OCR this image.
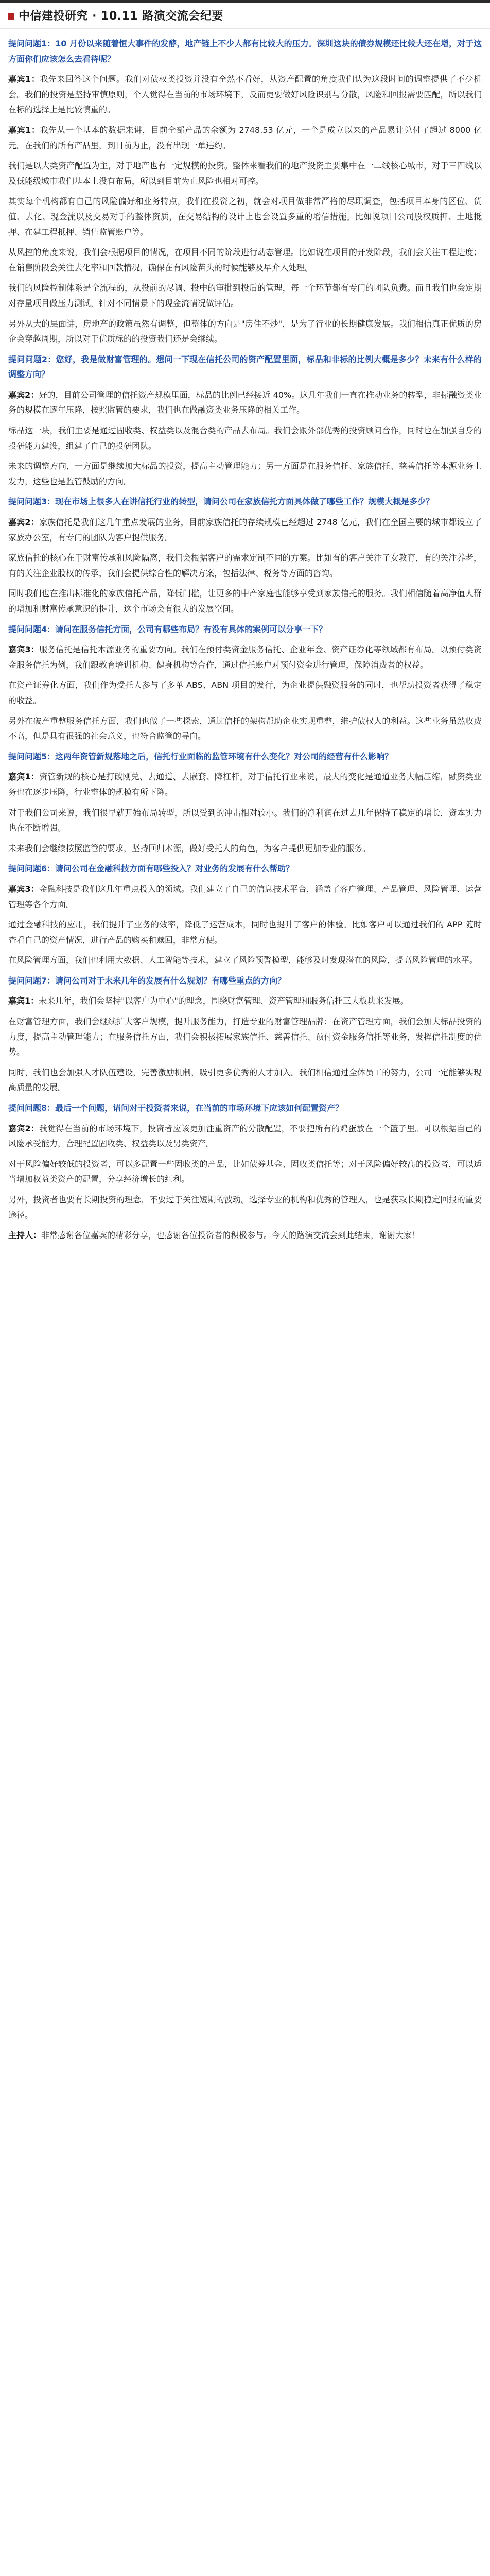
中信建投研究 · 10.11 路演交流会纪要

提问问题1：10 月份以来随着恒大事件的发酵，地产链上不少人都有比较大的压力。深圳这块的债券规模还比较大还在增，对于这方面你们应该怎么去看待呢？

嘉宾1：我先来回答这个问题。我们对债权类投资并没有全然不看好，从资产配置的角度我们认为这段时间的调整提供了不少机会。我们的投资是坚持审慎原则，个人觉得在当前的市场环境下，反而更要做好风险识别与分散，风险和回报需要匹配，所以我们在标的选择上是比较慎重的。

嘉宾1：我先从一个基本的数据来讲，目前全部产品的余额为 2748.53 亿元，一个是成立以来的产品累计兑付了超过 8000 亿元。在我们的所有产品里，到目前为止，没有出现一单违约。

我们是以大类资产配置为主，对于地产也有一定规模的投资。整体来看我们的地产投资主要集中在一二线核心城市，对于三四线以及低能级城市我们基本上没有布局，所以到目前为止风险也相对可控。

其实每个机构都有自己的风险偏好和业务特点，我们在投资之初，就会对项目做非常严格的尽职调查，包括项目本身的区位、货值、去化、现金流以及交易对手的整体资质，在交易结构的设计上也会设置多重的增信措施。比如说项目公司股权质押、土地抵押、在建工程抵押、销售监管账户等。

从风控的角度来说，我们会根据项目的情况，在项目不同的阶段进行动态管理。比如说在项目的开发阶段，我们会关注工程进度；在销售阶段会关注去化率和回款情况，确保在有风险苗头的时候能够及早介入处理。

我们的风险控制体系是全流程的，从投前的尽调、投中的审批到投后的管理，每一个环节都有专门的团队负责。而且我们也会定期对存量项目做压力测试，针对不同情景下的现金流情况做评估。

另外从大的层面讲，房地产的政策虽然有调整，但整体的方向是"房住不炒"，是为了行业的长期健康发展。我们相信真正优质的房企会穿越周期，所以对于优质标的的投资我们还是会继续。

提问问题2：您好，我是做财富管理的。想问一下现在信托公司的资产配置里面，标品和非标的比例大概是多少？未来有什么样的调整方向？

嘉宾2：好的，目前公司管理的信托资产规模里面，标品的比例已经接近 40%。这几年我们一直在推动业务的转型，非标融资类业务的规模在逐年压降，按照监管的要求，我们也在做融资类业务压降的相关工作。

标品这一块，我们主要是通过固收类、权益类以及混合类的产品去布局。我们会跟外部优秀的投资顾问合作，同时也在加强自身的投研能力建设，组建了自己的投研团队。

未来的调整方向，一方面是继续加大标品的投资，提高主动管理能力；另一方面是在服务信托、家族信托、慈善信托等本源业务上发力，这些也是监管鼓励的方向。

提问问题3：现在市场上很多人在讲信托行业的转型，请问公司在家族信托方面具体做了哪些工作？规模大概是多少？

嘉宾2：家族信托是我们这几年重点发展的业务，目前家族信托的存续规模已经超过 2748 亿元，我们在全国主要的城市都设立了家族办公室，有专门的团队为客户提供服务。

家族信托的核心在于财富传承和风险隔离，我们会根据客户的需求定制不同的方案。比如有的客户关注子女教育，有的关注养老，有的关注企业股权的传承，我们会提供综合性的解决方案，包括法律、税务等方面的咨询。

同时我们也在推出标准化的家族信托产品，降低门槛，让更多的中产家庭也能够享受到家族信托的服务。我们相信随着高净值人群的增加和财富传承意识的提升，这个市场会有很大的发展空间。

提问问题4：请问在服务信托方面，公司有哪些布局？有没有具体的案例可以分享一下？

嘉宾3：服务信托是信托本源业务的重要方向。我们在预付类资金服务信托、企业年金、资产证券化等领域都有布局。以预付类资金服务信托为例，我们跟教育培训机构、健身机构等合作，通过信托账户对预付资金进行管理，保障消费者的权益。

在资产证券化方面，我们作为受托人参与了多单 ABS、ABN 项目的发行，为企业提供融资服务的同时，也帮助投资者获得了稳定的收益。

另外在破产重整服务信托方面，我们也做了一些探索，通过信托的架构帮助企业实现重整，维护债权人的利益。这些业务虽然收费不高，但是具有很强的社会意义，也符合监管的导向。

提问问题5：这两年资管新规落地之后，信托行业面临的监管环境有什么变化？对公司的经营有什么影响？

嘉宾1：资管新规的核心是打破刚兑、去通道、去嵌套、降杠杆。对于信托行业来说，最大的变化是通道业务大幅压缩，融资类业务也在逐步压降，行业整体的规模有所下降。

对于我们公司来说，我们很早就开始布局转型，所以受到的冲击相对较小。我们的净利润在过去几年保持了稳定的增长，资本实力也在不断增强。

未来我们会继续按照监管的要求，坚持回归本源，做好受托人的角色，为客户提供更加专业的服务。

提问问题6：请问公司在金融科技方面有哪些投入？对业务的发展有什么帮助？

嘉宾3：金融科技是我们这几年重点投入的领域。我们建立了自己的信息技术平台，涵盖了客户管理、产品管理、风险管理、运营管理等各个方面。

通过金融科技的应用，我们提升了业务的效率，降低了运营成本，同时也提升了客户的体验。比如客户可以通过我们的 APP 随时查看自己的资产情况，进行产品的购买和赎回，非常方便。

在风险管理方面，我们也利用大数据、人工智能等技术，建立了风险预警模型，能够及时发现潜在的风险，提高风险管理的水平。

提问问题7：请问公司对于未来几年的发展有什么规划？有哪些重点的方向？

嘉宾1：未来几年，我们会坚持"以客户为中心"的理念，围绕财富管理、资产管理和服务信托三大板块来发展。

在财富管理方面，我们会继续扩大客户规模，提升服务能力，打造专业的财富管理品牌；在资产管理方面，我们会加大标品投资的力度，提高主动管理能力；在服务信托方面，我们会积极拓展家族信托、慈善信托、预付资金服务信托等业务，发挥信托制度的优势。

同时，我们也会加强人才队伍建设，完善激励机制，吸引更多优秀的人才加入。我们相信通过全体员工的努力，公司一定能够实现高质量的发展。

提问问题8：最后一个问题，请问对于投资者来说，在当前的市场环境下应该如何配置资产？

嘉宾2：我觉得在当前的市场环境下，投资者应该更加注重资产的分散配置，不要把所有的鸡蛋放在一个篮子里。可以根据自己的风险承受能力，合理配置固收类、权益类以及另类资产。

对于风险偏好较低的投资者，可以多配置一些固收类的产品，比如债券基金、固收类信托等；对于风险偏好较高的投资者，可以适当增加权益类资产的配置，分享经济增长的红利。

另外，投资者也要有长期投资的理念，不要过于关注短期的波动。选择专业的机构和优秀的管理人，也是获取长期稳定回报的重要途径。

主持人：非常感谢各位嘉宾的精彩分享，也感谢各位投资者的积极参与。今天的路演交流会到此结束，谢谢大家！
